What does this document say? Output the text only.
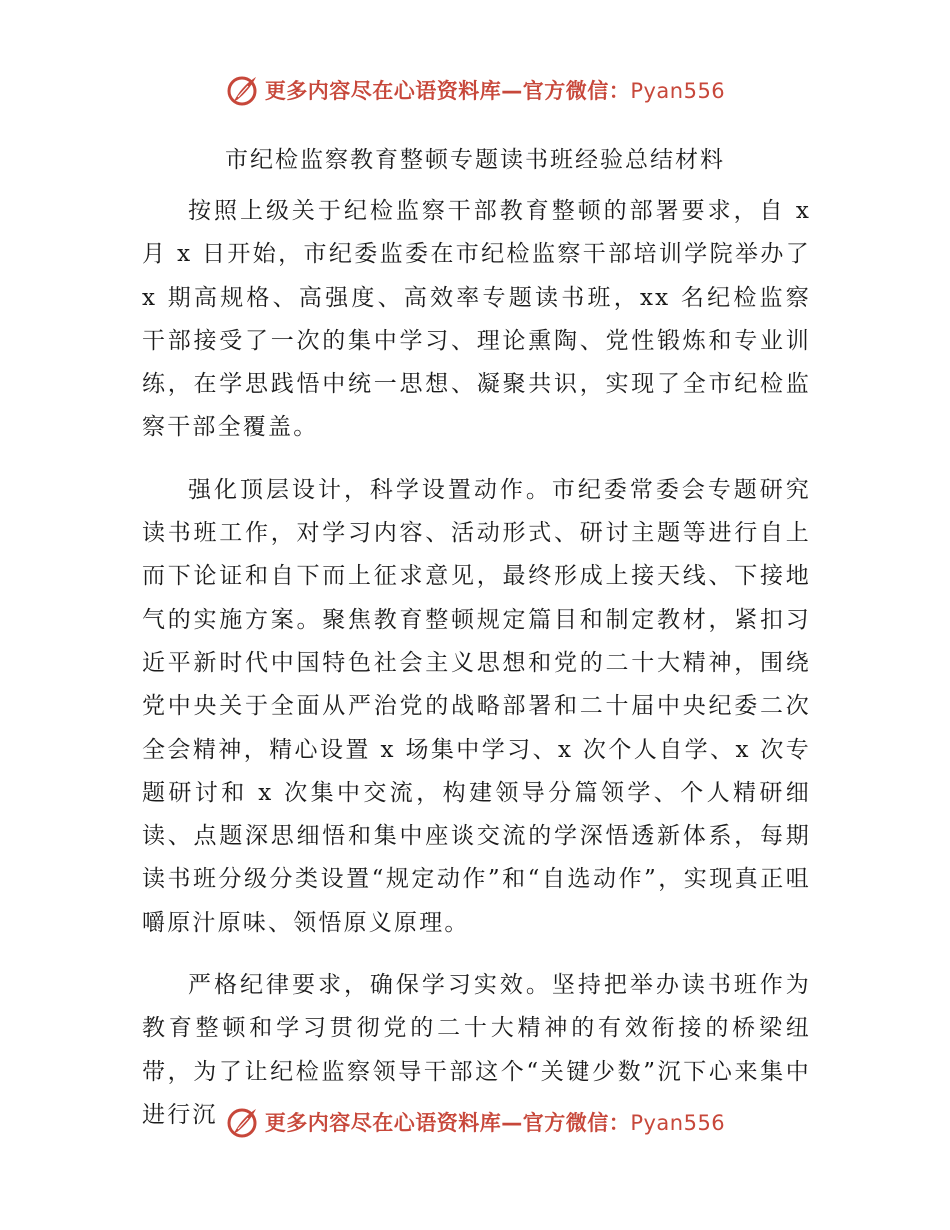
更多内容尽在心语资料库—官方微信：Pyan556
市纪检监察教育整顿专题读书班经验总结材料

按照上级关于纪检监察干部教育整顿的部署要求，自 x 月 x 日开始，市纪委监委在市纪检监察干部培训学院举办了 x 期高规格、高强度、高效率专题读书班，xx 名纪检监察干部接受了一次的集中学习、理论熏陶、党性锻炼和专业训练，在学思践悟中统一思想、凝聚共识，实现了全市纪检监察干部全覆盖。

强化顶层设计，科学设置动作。市纪委常委会专题研究读书班工作，对学习内容、活动形式、研讨主题等进行自上而下论证和自下而上征求意见，最终形成上接天线、下接地气的实施方案。聚焦教育整顿规定篇目和制定教材，紧扣习近平新时代中国特色社会主义思想和党的二十大精神，围绕党中央关于全面从严治党的战略部署和二十届中央纪委二次全会精神，精心设置 x 场集中学习、x 次个人自学、x 次专题研讨和 x 次集中交流，构建领导分篇领学、个人精研细读、点题深思细悟和集中座谈交流的学深悟透新体系，每期读书班分级分类设置“规定动作”和“自选动作”，实现真正咀嚼原汁原味、领悟原义原理。

严格纪律要求，确保学习实效。坚持把举办读书班作为教育整顿和学习贯彻党的二十大精神的有效衔接的桥梁纽带，为了让纪检监察领导干部这个“关键少数”沉下心来集中进行沉	更多内容尽在心语资料库—官方微信：Pyan556
